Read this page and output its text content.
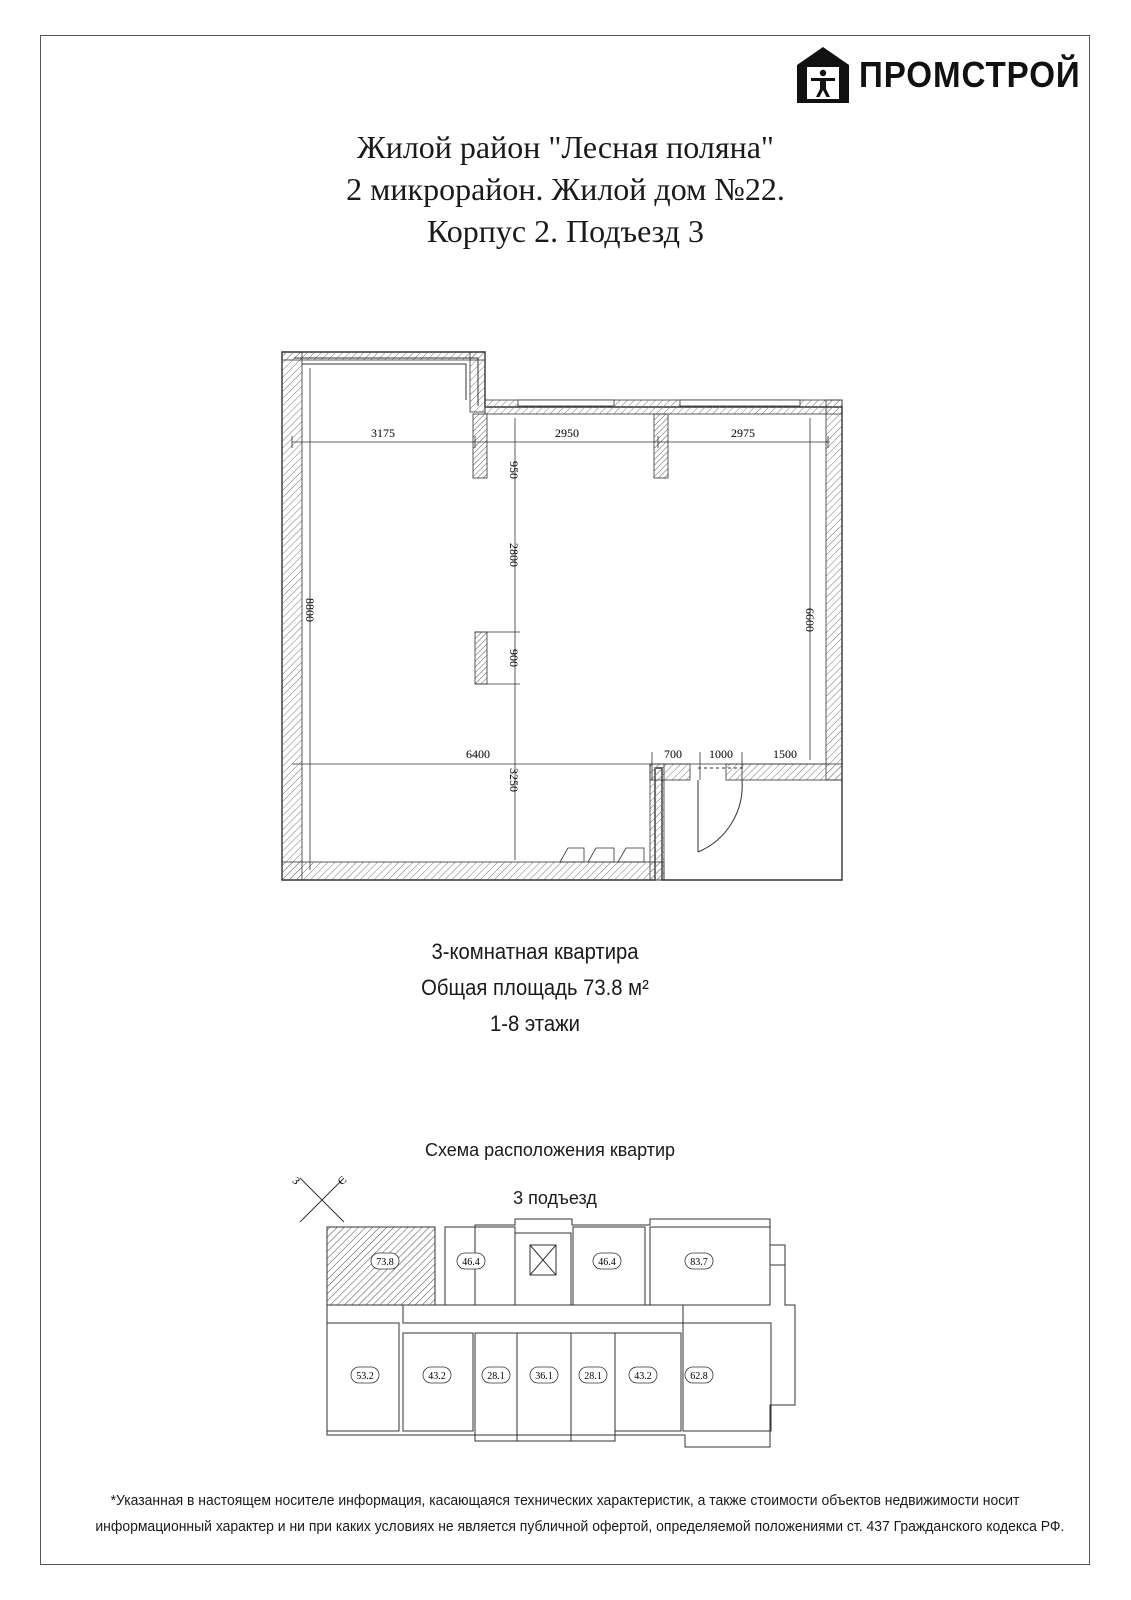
ПРОМСТРОЙ
Жилой район "Лесная поляна"
2 микрорайон. Жилой дом №22.
Корпус 2. Подъезд 3
3175	2950	2975
8800	6600
950
2800
900
6400
3250
700 1000	1500
3-комнатная квартира
Общая площадь 73.8 м²
1-8 этажи
Схема расположения квартир
3 подъезд
З	С
73.8	46.4	46.4	83.7
53.2	43.2	28.1	36.1	28.1	43.2	62.8
*Указанная в настоящем носителе информация, касающаяся технических характеристик, а также стоимости объектов недвижимости носит
информационный характер и ни при каких условиях не является публичной офертой, определяемой положениями ст. 437 Гражданского кодекса РФ.
